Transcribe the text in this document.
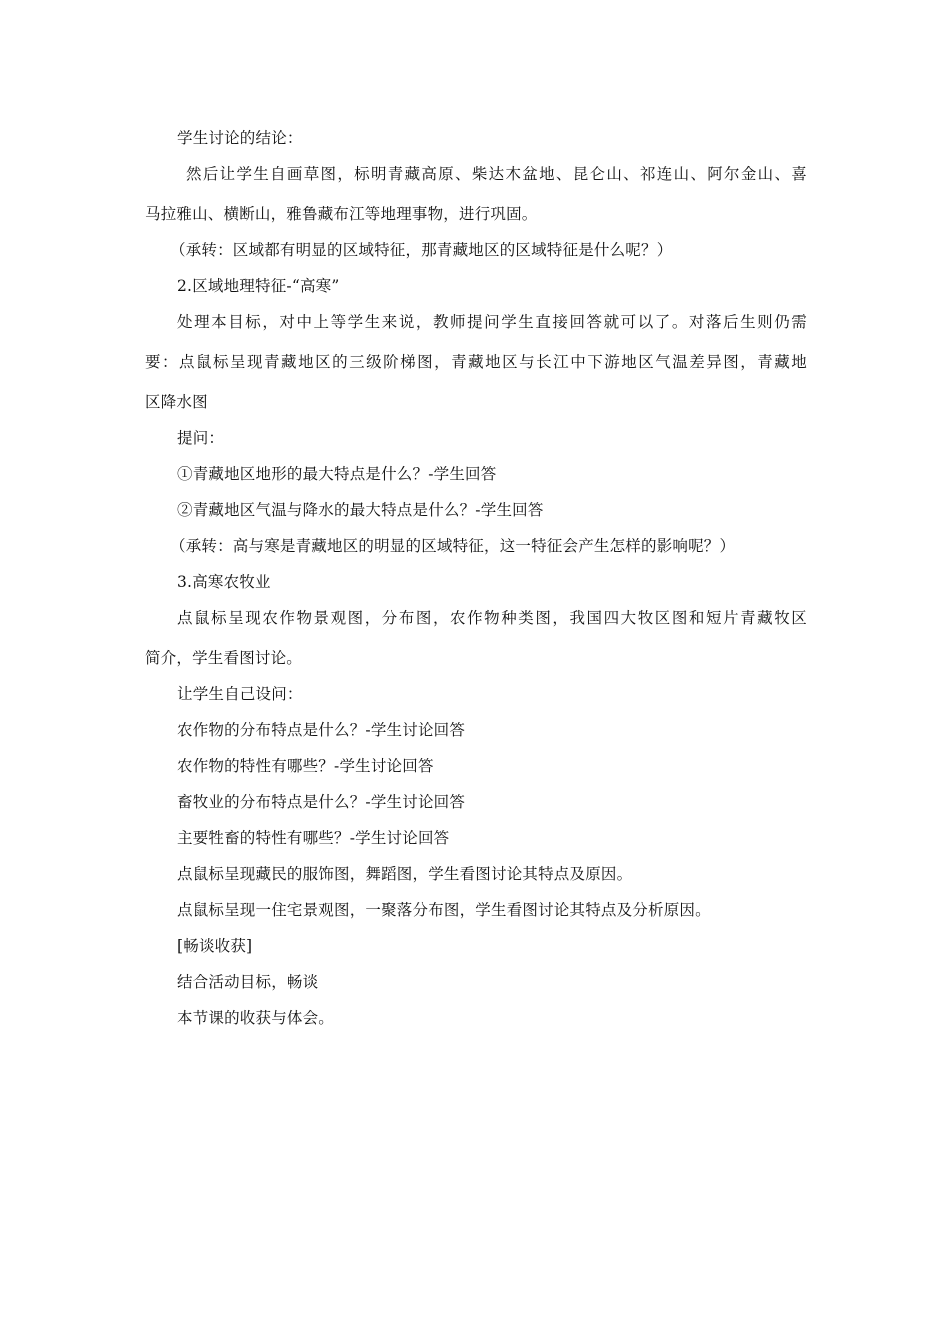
学生讨论的结论：
然后让学生自画草图，标明青藏高原、柴达木盆地、昆仑山、祁连山、阿尔金山、喜
马拉雅山、横断山，雅鲁藏布江等地理事物，进行巩固。
（承转：区域都有明显的区域特征，那青藏地区的区域特征是什么呢？）
2.区域地理特征-“高寒”
处理本目标，对中上等学生来说，教师提问学生直接回答就可以了。对落后生则仍需
要：点鼠标呈现青藏地区的三级阶梯图，青藏地区与长江中下游地区气温差异图，青藏地
区降水图
提问：
①青藏地区地形的最大特点是什么？-学生回答
②青藏地区气温与降水的最大特点是什么？-学生回答
（承转：高与寒是青藏地区的明显的区域特征，这一特征会产生怎样的影响呢？）
3.高寒农牧业
点鼠标呈现农作物景观图，分布图，农作物种类图，我国四大牧区图和短片青藏牧区
简介，学生看图讨论。
让学生自己设问：
农作物的分布特点是什么？-学生讨论回答
农作物的特性有哪些？-学生讨论回答
畜牧业的分布特点是什么？-学生讨论回答
主要牲畜的特性有哪些？-学生讨论回答
点鼠标呈现藏民的服饰图，舞蹈图，学生看图讨论其特点及原因。
点鼠标呈现一住宅景观图，一聚落分布图，学生看图讨论其特点及分析原因。
[畅谈收获]
结合活动目标，畅谈
本节课的收获与体会。
